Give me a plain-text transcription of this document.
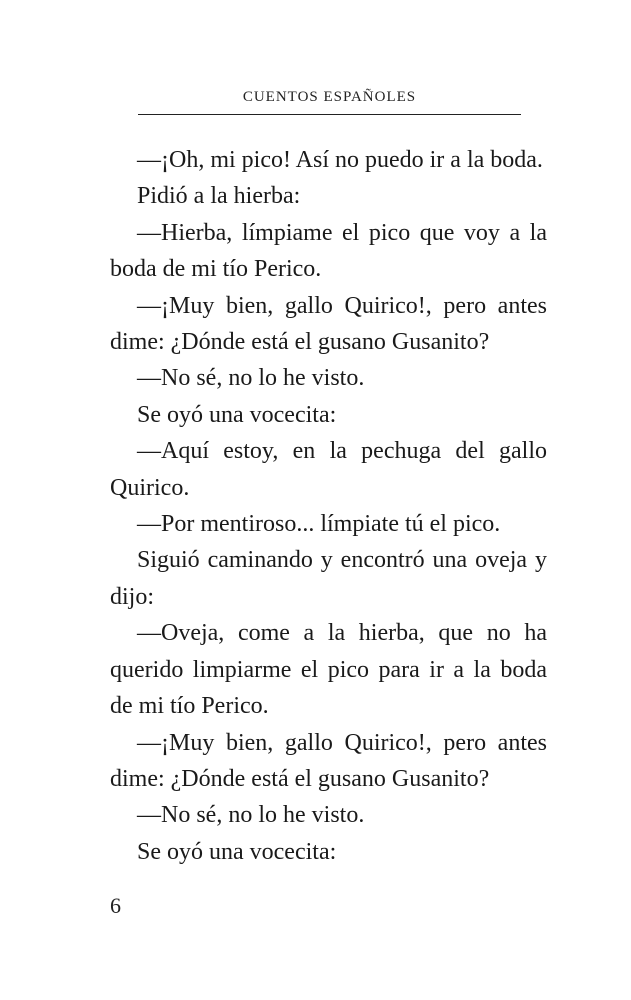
CUENTOS ESPAÑOLES

—¡Oh, mi pico! Así no puedo ir a la boda.

Pidió a la hierba:

—Hierba, límpiame el pico que voy a la boda de mi tío Perico.

—¡Muy bien, gallo Quirico!, pero antes dime: ¿Dónde está el gusano Gusanito?

—No sé, no lo he visto.

Se oyó una vocecita:

—Aquí estoy, en la pechuga del gallo Quirico.

—Por mentiroso... límpiate tú el pico.

Siguió caminando y encontró una oveja y dijo:

—Oveja, come a la hierba, que no ha querido limpiarme el pico para ir a la boda de mi tío Perico.

—¡Muy bien, gallo Quirico!, pero antes dime: ¿Dónde está el gusano Gusanito?

—No sé, no lo he visto.

Se oyó una vocecita:

6
